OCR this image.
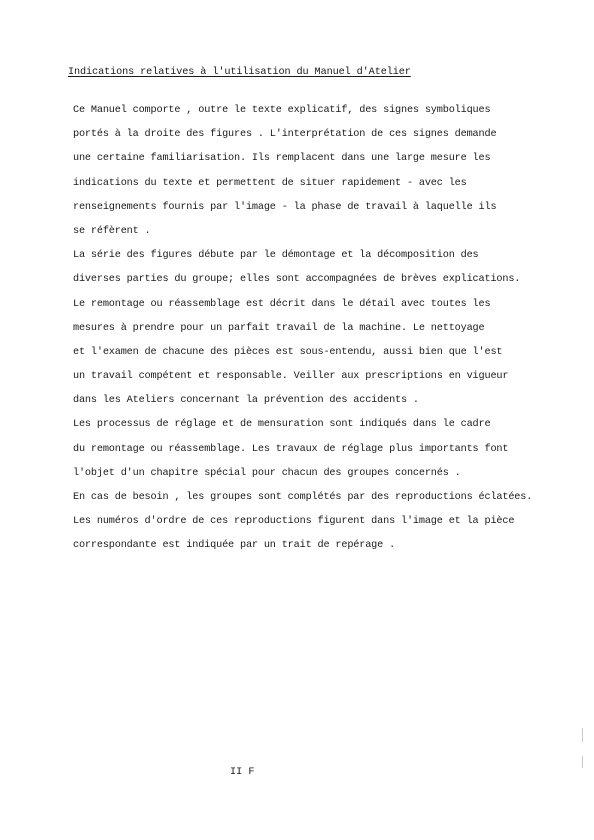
Indications relatives à l'utilisation du Manuel d'Atelier
Ce Manuel comporte , outre le texte explicatif, des signes symboliques
portés à la droite des figures . L'interprétation de ces signes demande
une certaine familiarisation. Ils remplacent dans une large mesure les
indications du texte et permettent de situer rapidement - avec les
renseignements fournis par l'image - la phase de travail à laquelle ils
se réfèrent .
La série des figures débute par le démontage et la décomposition des
diverses parties du groupe; elles sont accompagnées de brèves explications.
Le remontage ou réassemblage est décrit dans le détail avec toutes les
mesures à prendre pour un parfait travail de la machine. Le nettoyage
et l'examen de chacune des pièces est sous-entendu, aussi bien que l'est
un travail compétent et responsable. Veiller aux prescriptions en vigueur
dans les Ateliers concernant la prévention des accidents .
Les processus de réglage et de mensuration sont indiqués dans le cadre
du remontage ou réassemblage. Les travaux de réglage plus importants font
l'objet d'un chapitre spécial pour chacun des groupes concernés .
En cas de besoin , les groupes sont complétés par des reproductions éclatées.
Les numéros d'ordre de ces reproductions figurent dans l'image et la pièce
correspondante est indiquée par un trait de repérage .
II F
